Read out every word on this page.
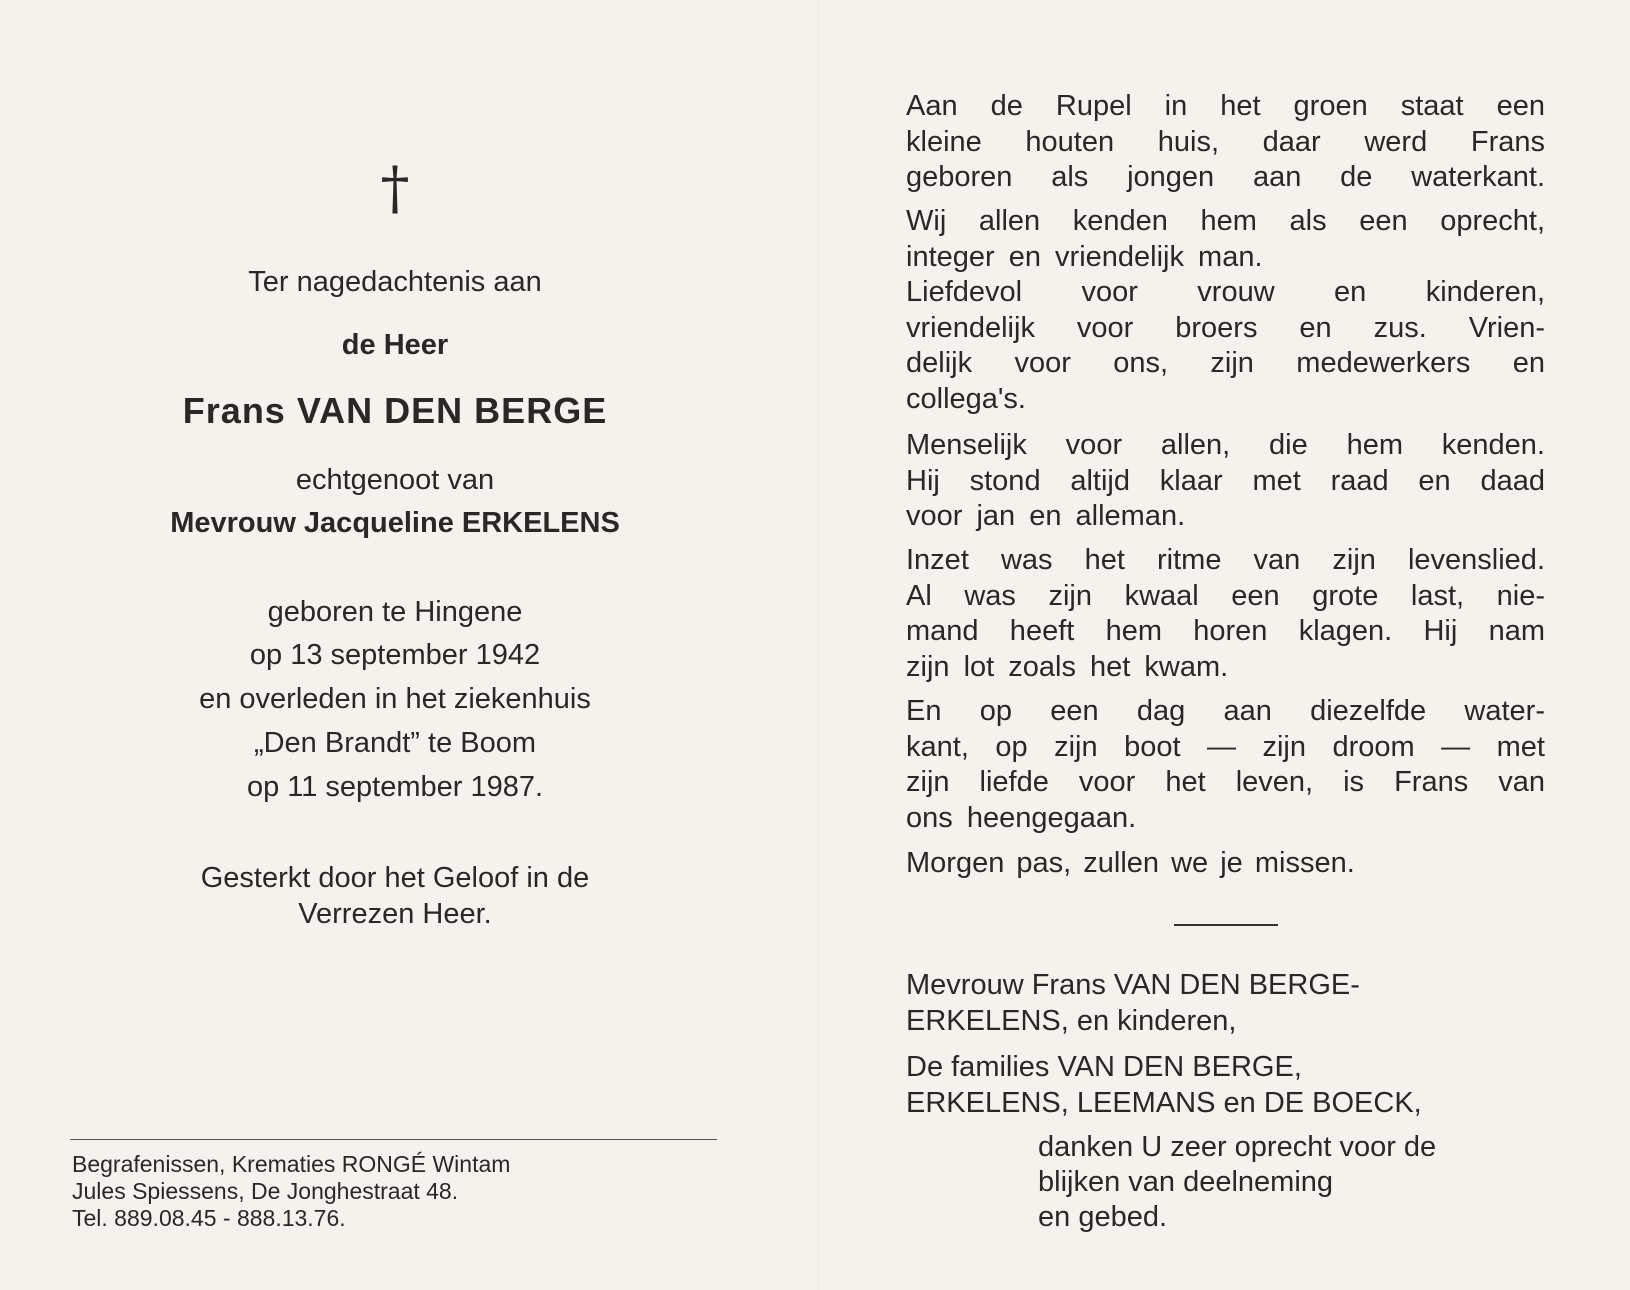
†
Ter nagedachtenis aan
de Heer
Frans VAN DEN BERGE
echtgenoot van
Mevrouw Jacqueline ERKELENS
geboren te Hingene
op 13 september 1942
en overleden in het ziekenhuis
„Den Brandt” te Boom
op 11 september 1987.
Gesterkt door het Geloof in de
Verrezen Heer.
Begrafenissen, Krematies RONGÉ Wintam
Jules Spiessens, De Jonghestraat 48.
Tel. 889.08.45 - 888.13.76.
Aan de Rupel in het groen staat een
kleine houten huis, daar werd Frans
geboren als jongen aan de waterkant.
Wij allen kenden hem als een oprecht,
integer en vriendelijk man.
Liefdevol voor vrouw en kinderen,
vriendelijk voor broers en zus. Vrien-
delijk voor ons, zijn medewerkers en
collega's.
Menselijk voor allen, die hem kenden.
Hij stond altijd klaar met raad en daad
voor jan en alleman.
Inzet was het ritme van zijn levenslied.
Al was zijn kwaal een grote last, nie-
mand heeft hem horen klagen. Hij nam
zijn lot zoals het kwam.
En op een dag aan diezelfde water-
kant, op zijn boot — zijn droom — met
zijn liefde voor het leven, is Frans van
ons heengegaan.
Morgen pas, zullen we je missen.
Mevrouw Frans VAN DEN BERGE-
ERKELENS, en kinderen,
De families VAN DEN BERGE,
ERKELENS, LEEMANS en DE BOECK,
danken U zeer oprecht voor de
blijken van deelneming
en gebed.
